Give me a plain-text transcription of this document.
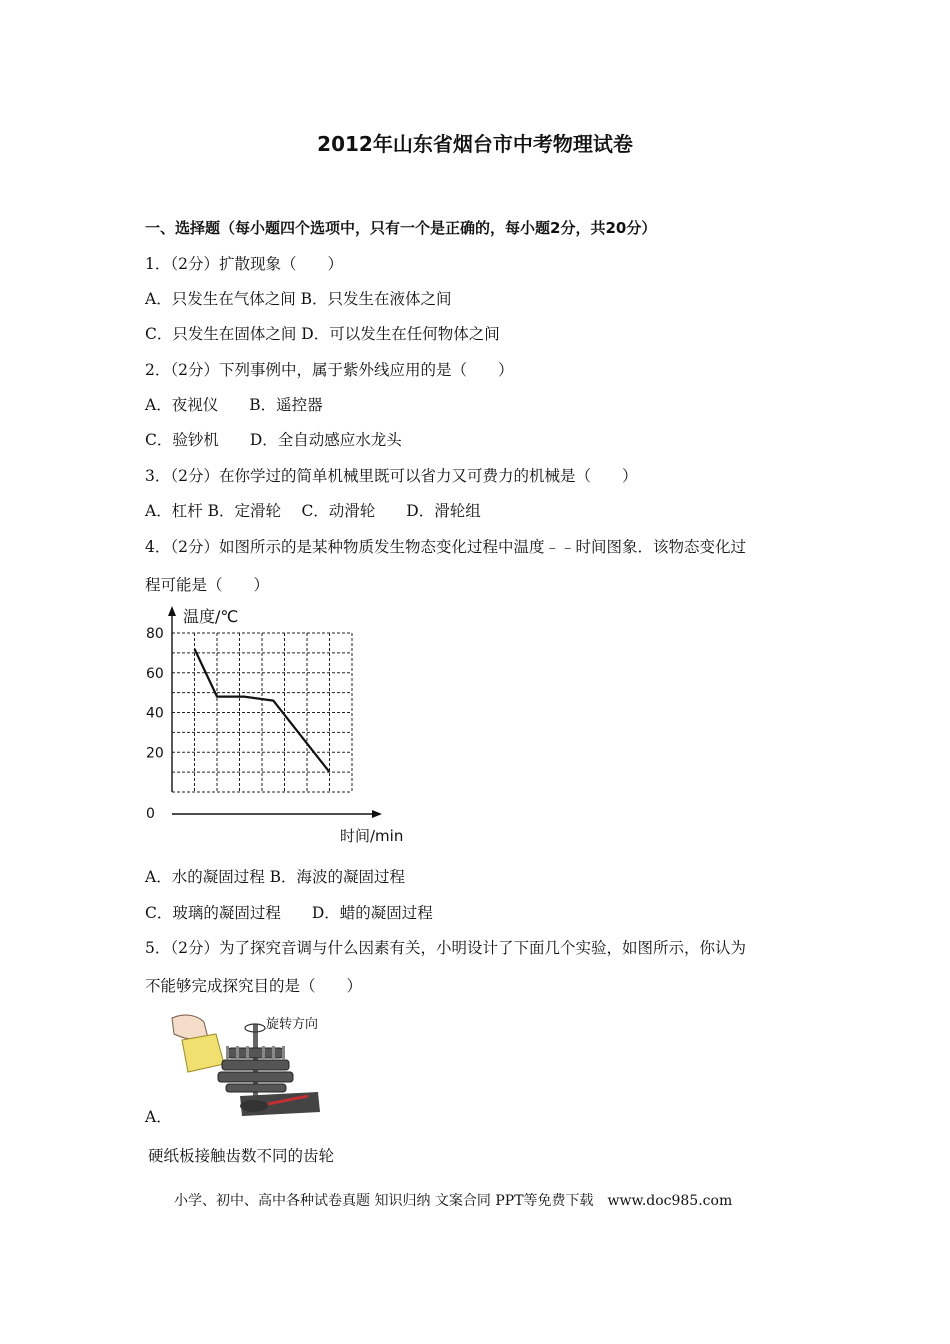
2012年山东省烟台市中考物理试卷
一、选择题（每小题四个选项中，只有一个是正确的，每小题2分，共20分）
1．（2分）扩散现象（　　）
A．只发生在气体之间 B．只发生在液体之间
C．只发生在固体之间 D．可以发生在任何物体之间
2．（2分）下列事例中，属于紫外线应用的是（　　）
A．夜视仪　　B．遥控器
C．验钞机　　D．全自动感应水龙头
3．（2分）在你学过的简单机械里既可以省力又可费力的机械是（　　）
A．杠杆 B．定滑轮　 C．动滑轮　　D．滑轮组
4．（2分）如图所示的是某种物质发生物态变化过程中温度﹣﹣时间图象．该物态变化过
程可能是（　　）
80
60
40
20
0
温度/℃
时间/min
A．水的凝固过程 B．海波的凝固过程
C．玻璃的凝固过程　　D．蜡的凝固过程
5．（2分）为了探究音调与什么因素有关，小明设计了下面几个实验，如图所示，你认为
不能够完成探究目的是（　　）
旋转方向
A．
硬纸板接触齿数不同的齿轮
小学、初中、高中各种试卷真题 知识归纳 文案合同 PPT等免费下载　www.doc985.com
